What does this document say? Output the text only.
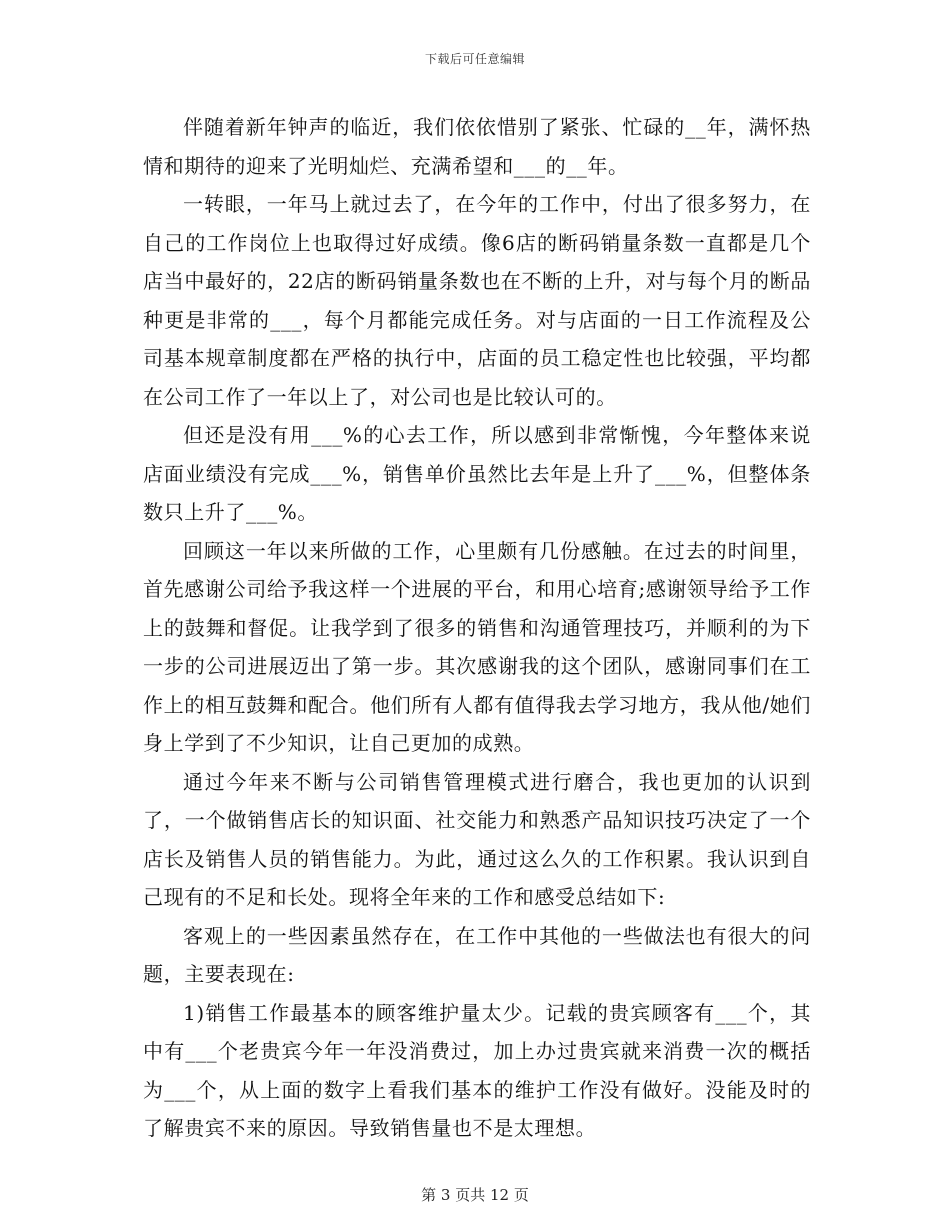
下载后可任意编辑

伴随着新年钟声的临近，我们依依惜别了紧张、忙碌的__年，满怀热情和期待的迎来了光明灿烂、充满希望和___的__年。

一转眼，一年马上就过去了，在今年的工作中，付出了很多努力，在自己的工作岗位上也取得过好成绩。像6店的断码销量条数一直都是几个店当中最好的，22店的断码销量条数也在不断的上升，对与每个月的断品种更是非常的___，每个月都能完成任务。对与店面的一日工作流程及公司基本规章制度都在严格的执行中，店面的员工稳定性也比较强，平均都在公司工作了一年以上了，对公司也是比较认可的。

但还是没有用___%的心去工作，所以感到非常惭愧，今年整体来说店面业绩没有完成___%，销售单价虽然比去年是上升了___%，但整体条数只上升了___%。

回顾这一年以来所做的工作，心里颇有几份感触。在过去的时间里，首先感谢公司给予我这样一个进展的平台，和用心培育;感谢领导给予工作上的鼓舞和督促。让我学到了很多的销售和沟通管理技巧，并顺利的为下一步的公司进展迈出了第一步。其次感谢我的这个团队，感谢同事们在工作上的相互鼓舞和配合。他们所有人都有值得我去学习地方，我从他/她们身上学到了不少知识，让自己更加的成熟。

通过今年来不断与公司销售管理模式进行磨合，我也更加的认识到了，一个做销售店长的知识面、社交能力和熟悉产品知识技巧决定了一个店长及销售人员的销售能力。为此，通过这么久的工作积累。我认识到自己现有的不足和长处。现将全年来的工作和感受总结如下:

客观上的一些因素虽然存在，在工作中其他的一些做法也有很大的问题，主要表现在:

1)销售工作最基本的顾客维护量太少。记载的贵宾顾客有___个，其中有___个老贵宾今年一年没消费过，加上办过贵宾就来消费一次的概括为___个，从上面的数字上看我们基本的维护工作没有做好。没能及时的了解贵宾不来的原因。导致销售量也不是太理想。

第 3 页共 12 页
